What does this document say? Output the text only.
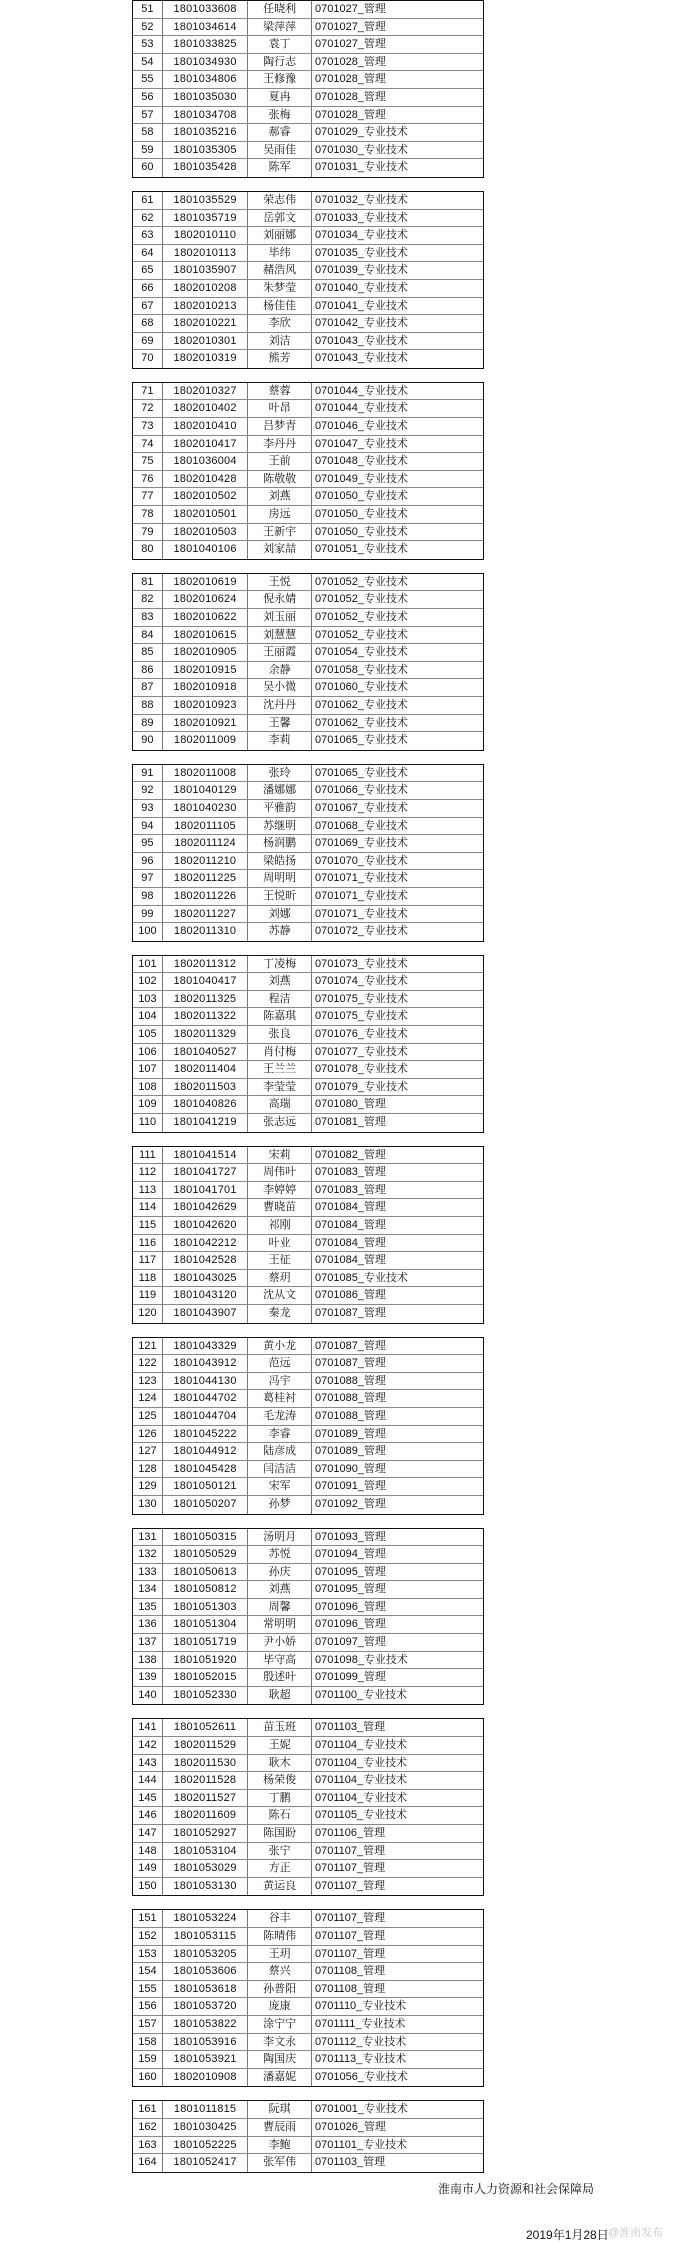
51	1801033608	任晓利	0701027_管理
52	1801034614	梁萍萍	0701027_管理
53	1801033825	袁丁	0701027_管理
54	1801034930	陶行志	0701028_管理
55	1801034806	王修豫	0701028_管理
56	1801035030	夏冉	0701028_管理
57	1801034708	张梅	0701028_管理
58	1801035216	郝睿	0701029_专业技术
59	1801035305	吴雨佳	0701030_专业技术
60	1801035428	陈军	0701031_专业技术
61	1801035529	荣志伟	0701032_专业技术
62	1801035719	岳郭文	0701033_专业技术
63	1802010110	刘丽娜	0701034_专业技术
64	1802010113	毕纬	0701035_专业技术
65	1801035907	赭浩风	0701039_专业技术
66	1802010208	朱梦莹	0701040_专业技术
67	1802010213	杨佳佳	0701041_专业技术
68	1802010221	李欣	0701042_专业技术
69	1802010301	刘洁	0701043_专业技术
70	1802010319	熊芳	0701043_专业技术
71	1802010327	蔡蓉	0701044_专业技术
72	1802010402	叶昂	0701044_专业技术
73	1802010410	吕梦青	0701046_专业技术
74	1802010417	李丹丹	0701047_专业技术
75	1801036004	王前	0701048_专业技术
76	1802010428	陈敬敬	0701049_专业技术
77	1802010502	刘燕	0701050_专业技术
78	1802010501	房远	0701050_专业技术
79	1802010503	王新宇	0701050_专业技术
80	1801040106	刘家喆	0701051_专业技术
81	1802010619	王悦	0701052_专业技术
82	1802010624	倪永婧	0701052_专业技术
83	1802010622	刘玉丽	0701052_专业技术
84	1802010615	刘慧慧	0701052_专业技术
85	1802010905	王丽霞	0701054_专业技术
86	1802010915	余静	0701058_专业技术
87	1802010918	吴小微	0701060_专业技术
88	1802010923	沈丹丹	0701062_专业技术
89	1802010921	王馨	0701062_专业技术
90	1802011009	李莉	0701065_专业技术
91	1802011008	张玲	0701065_专业技术
92	1801040129	潘娜娜	0701066_专业技术
93	1801040230	平雅韵	0701067_专业技术
94	1802011105	苏继明	0701068_专业技术
95	1802011124	杨润鹏	0701069_专业技术
96	1802011210	梁皓扬	0701070_专业技术
97	1802011225	周明明	0701071_专业技术
98	1802011226	王悦昕	0701071_专业技术
99	1802011227	刘娜	0701071_专业技术
100	1802011310	苏静	0701072_专业技术
101	1802011312	丁凌梅	0701073_专业技术
102	1801040417	刘燕	0701074_专业技术
103	1802011325	程洁	0701075_专业技术
104	1802011322	陈嘉琪	0701075_专业技术
105	1802011329	张良	0701076_专业技术
106	1801040527	肖付梅	0701077_专业技术
107	1802011404	王兰兰	0701078_专业技术
108	1802011503	李莹莹	0701079_专业技术
109	1801040826	高瑞	0701080_管理
110	1801041219	张志远	0701081_管理
111	1801041514	宋莉	0701082_管理
112	1801041727	周伟叶	0701083_管理
113	1801041701	李婷婷	0701083_管理
114	1801042629	曹晓苗	0701084_管理
115	1801042620	祁刚	0701084_管理
116	1801042212	叶业	0701084_管理
117	1801042528	王征	0701084_管理
118	1801043025	蔡玥	0701085_专业技术
119	1801043120	沈从文	0701086_管理
120	1801043907	秦龙	0701087_管理
121	1801043329	黄小龙	0701087_管理
122	1801043912	范远	0701087_管理
123	1801044130	冯宇	0701088_管理
124	1801044702	葛桂衬	0701088_管理
125	1801044704	毛龙涛	0701088_管理
126	1801045222	李睿	0701089_管理
127	1801044912	陆彦成	0701089_管理
128	1801045428	闫洁洁	0701090_管理
129	1801050121	宋军	0701091_管理
130	1801050207	孙梦	0701092_管理
131	1801050315	汤明月	0701093_管理
132	1801050529	苏悦	0701094_管理
133	1801050613	孙庆	0701095_管理
134	1801050812	刘燕	0701095_管理
135	1801051303	周馨	0701096_管理
136	1801051304	常明明	0701096_管理
137	1801051719	尹小娇	0701097_管理
138	1801051920	毕守高	0701098_专业技术
139	1801052015	殷述叶	0701099_管理
140	1801052330	耿超	0701100_专业技术
141	1801052611	苗玉班	0701103_管理
142	1802011529	王妮	0701104_专业技术
143	1802011530	耿木	0701104_专业技术
144	1802011528	杨荣俊	0701104_专业技术
145	1802011527	丁鹏	0701104_专业技术
146	1802011609	陈石	0701105_专业技术
147	1801052927	陈国盼	0701106_管理
148	1801053104	张宁	0701107_管理
149	1801053029	方正	0701107_管理
150	1801053130	黄运良	0701107_管理
151	1801053224	谷丰	0701107_管理
152	1801053115	陈晴伟	0701107_管理
153	1801053205	王玥	0701107_管理
154	1801053606	蔡兴	0701108_管理
155	1801053618	孙普阳	0701108_管理
156	1801053720	庞康	0701110_专业技术
157	1801053822	涂宁宁	0701111_专业技术
158	1801053916	李文永	0701112_专业技术
159	1801053921	陶国庆	0701113_专业技术
160	1802010908	潘嘉妮	0701056_专业技术
161	1801011815	阮琪	0701001_专业技术
162	1801030425	曹辰雨	0701026_管理
163	1801052225	李鲍	0701101_专业技术
164	1801052417	张军伟	0701103_管理
淮南市人力资源和社会保障局
2019年1月28日 @淮南发布
